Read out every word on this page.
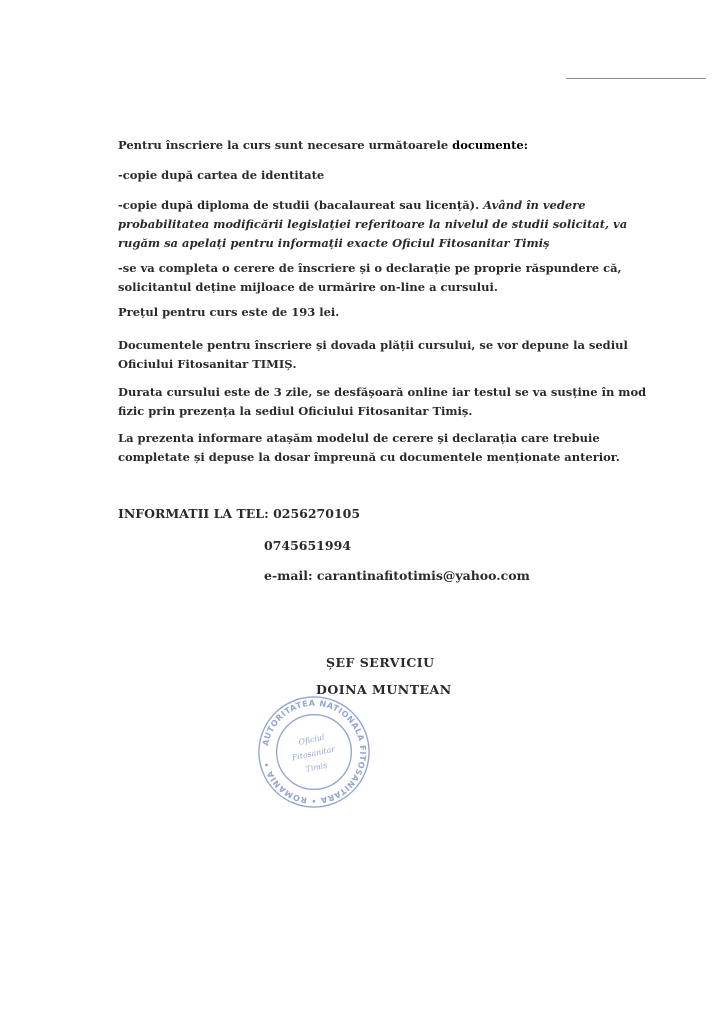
Pentru înscriere la curs sunt necesare următoarele documente:

-copie după cartea de identitate

-copie după diploma de studii (bacalaureat sau licență). Având în vedere probabilitatea modificării legislației referitoare la nivelul de studii solicitat, va rugăm sa apelați pentru informații exacte Oficiul Fitosanitar Timiș

-se va completa o cerere de înscriere și o declarație pe proprie răspundere că, solicitantul deține mijloace de urmărire on-line a cursului.

Prețul pentru curs este de 193 lei.

Documentele pentru înscriere și dovada plății cursului, se vor depune la sediul Oficiului Fitosanitar TIMIȘ.

Durata cursului este de 3 zile, se desfășoară online iar testul se va susține în mod fizic prin prezența la sediul Oficiului Fitosanitar Timiș.

La prezenta informare atașăm modelul de cerere și declarația care trebuie completate și depuse la dosar împreună cu documentele menționate anterior.

INFORMATII LA TEL: 0256270105
0745651994
e-mail: carantinafitotimis@yahoo.com
ȘEF SERVICIU
DOINA MUNTEAN
AUTORITATEA NATIONALA FITOSANITARA • ROMANIA •
Oficiul
Fitosanitar
Timiș
